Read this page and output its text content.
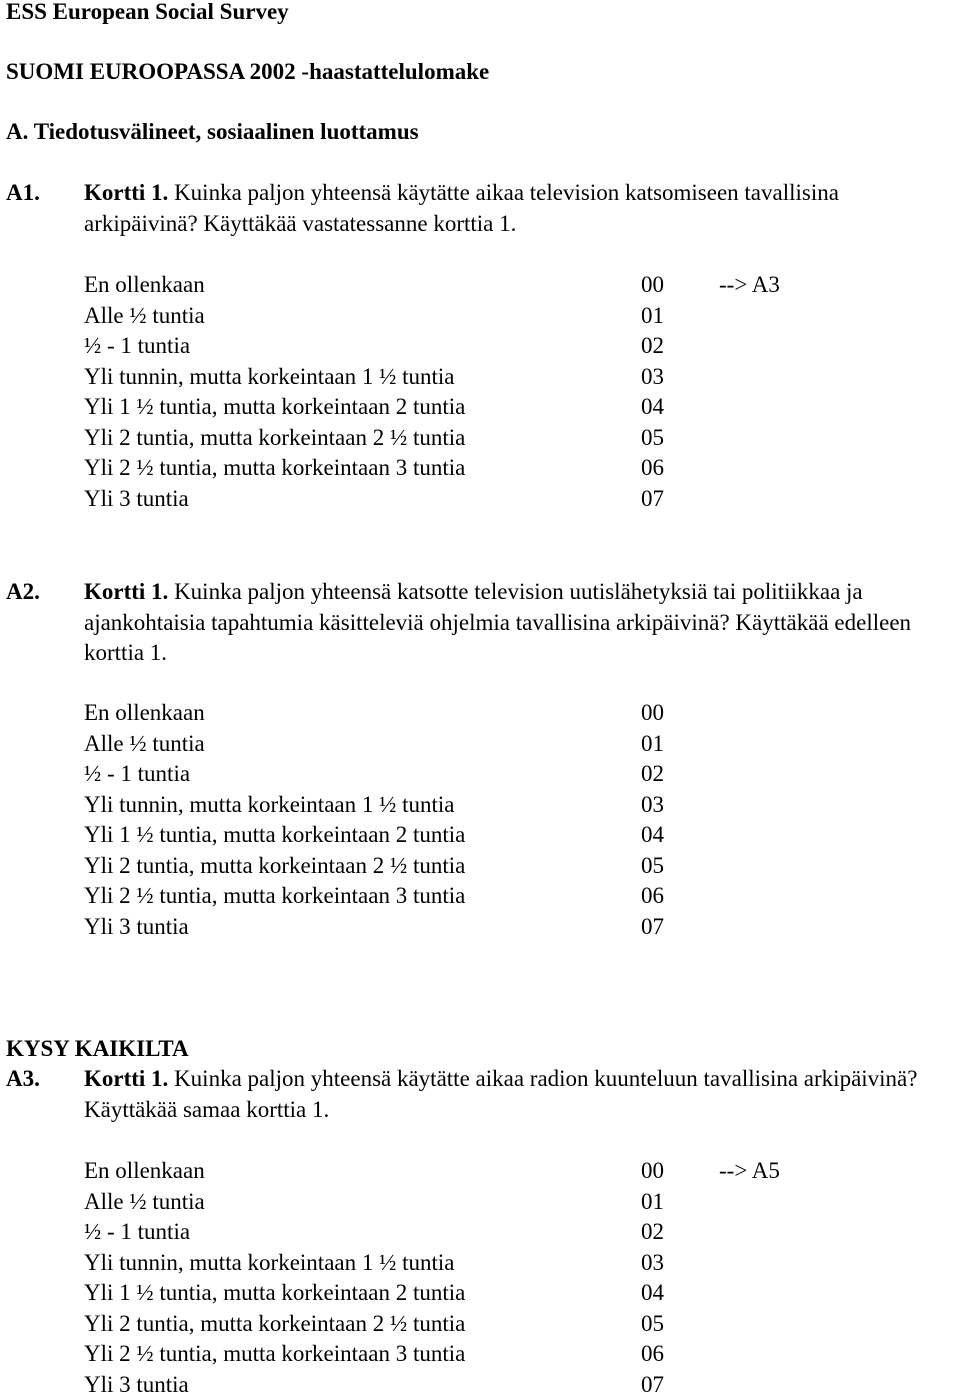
ESS European Social Survey
SUOMI EUROOPASSA 2002 -haastattelulomake
A. Tiedotusvälineet, sosiaalinen luottamus
A1. Kortti 1. Kuinka paljon yhteensä käytätte aikaa television katsomiseen tavallisina arkipäivinä? Käyttäkää vastatessanne korttia 1.
En ollenkaan	00 --> A3
Alle ½ tuntia	01
½ - 1 tuntia	02
Yli tunnin, mutta korkeintaan 1 ½ tuntia	03
Yli 1 ½ tuntia, mutta korkeintaan 2 tuntia	04
Yli 2 tuntia, mutta korkeintaan 2 ½ tuntia	05
Yli 2 ½ tuntia, mutta korkeintaan 3 tuntia	06
Yli 3 tuntia	07
A2. Kortti 1. Kuinka paljon yhteensä katsotte television uutislähetyksiä tai politiikkaa ja ajankohtaisia tapahtumia käsitteleviä ohjelmia tavallisina arkipäivinä? Käyttäkää edelleen korttia 1.
En ollenkaan	00
Alle ½ tuntia	01
½ - 1 tuntia	02
Yli tunnin, mutta korkeintaan 1 ½ tuntia	03
Yli 1 ½ tuntia, mutta korkeintaan 2 tuntia	04
Yli 2 tuntia, mutta korkeintaan 2 ½ tuntia	05
Yli 2 ½ tuntia, mutta korkeintaan 3 tuntia	06
Yli 3 tuntia	07
KYSY KAIKILTA
A3. Kortti 1. Kuinka paljon yhteensä käytätte aikaa radion kuunteluun tavallisina arkipäivinä? Käyttäkää samaa korttia 1.
En ollenkaan	00 --> A5
Alle ½ tuntia	01
½ - 1 tuntia	02
Yli tunnin, mutta korkeintaan 1 ½ tuntia	03
Yli 1 ½ tuntia, mutta korkeintaan 2 tuntia	04
Yli 2 tuntia, mutta korkeintaan 2 ½ tuntia	05
Yli 2 ½ tuntia, mutta korkeintaan 3 tuntia	06
Yli 3 tuntia	07
